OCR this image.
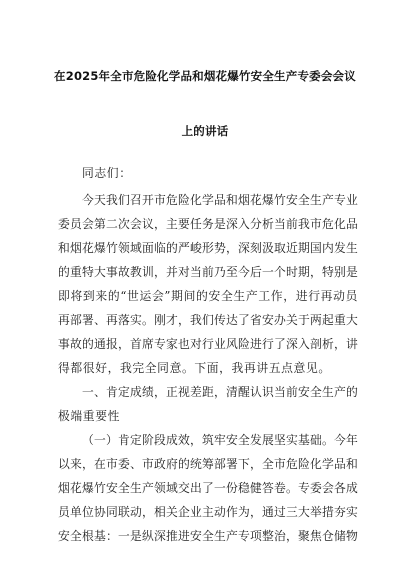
在2025年全市危险化学品和烟花爆竹安全生产专委会会议
上的讲话
同志们：
今天我们召开市危险化学品和烟花爆竹安全生产专业
委员会第二次会议，主要任务是深入分析当前我市危化品
和烟花爆竹领域面临的严峻形势，深刻汲取近期国内发生
的重特大事故教训，并对当前乃至今后一个时期，特别是
即将到来的“世运会”期间的安全生产工作，进行再动员
再部署、再落实。刚才，我们传达了省安办关于两起重大
事故的通报，首席专家也对行业风险进行了深入剖析，讲
得都很好，我完全同意。下面，我再讲五点意见。
一、肯定成绩，正视差距，清醒认识当前安全生产的
极端重要性
（一）肯定阶段成效，筑牢安全发展坚实基础。今年
以来，在市委、市政府的统筹部署下，全市危险化学品和
烟花爆竹安全生产领域交出了一份稳健答卷。专委会各成
员单位协同联动，相关企业主动作为，通过三大举措夯实
安全根基：一是纵深推进安全生产专项整治，聚焦仓储物
